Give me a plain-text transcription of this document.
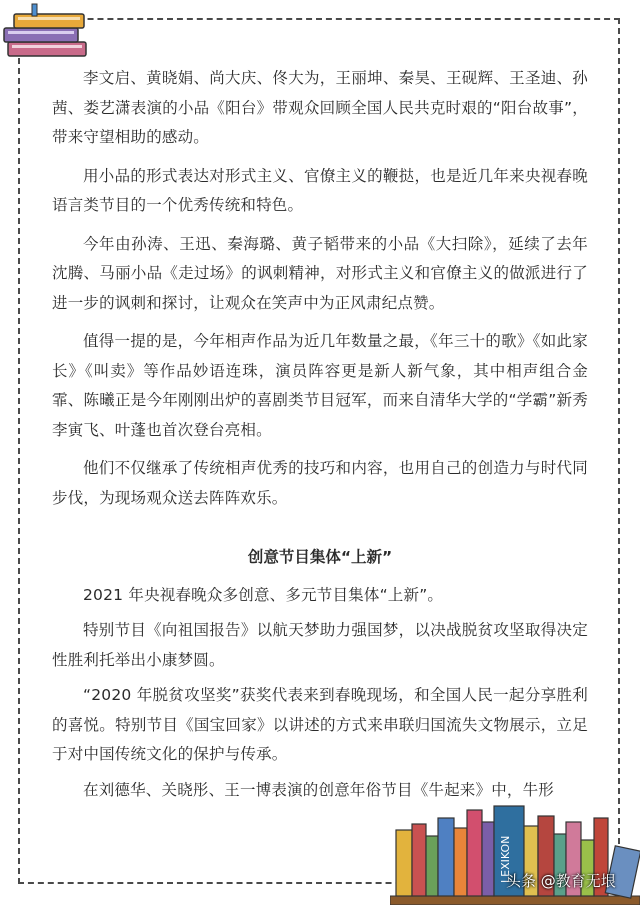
李文启、黄晓娟、尚大庆、佟大为，王丽坤、秦昊、王砚辉、王圣迪、孙茜、娄艺潇表演的小品《阳台》带观众回顾全国人民共克时艰的“阳台故事”，带来守望相助的感动。

用小品的形式表达对形式主义、官僚主义的鞭挞，也是近几年来央视春晚语言类节目的一个优秀传统和特色。

今年由孙涛、王迅、秦海璐、黄子韬带来的小品《大扫除》，延续了去年沈腾、马丽小品《走过场》的讽刺精神，对形式主义和官僚主义的做派进行了进一步的讽刺和探讨，让观众在笑声中为正风肃纪点赞。

值得一提的是，今年相声作品为近几年数量之最，《年三十的歌》《如此家长》《叫卖》等作品妙语连珠，演员阵容更是新人新气象，其中相声组合金霏、陈曦正是今年刚刚出炉的喜剧类节目冠军，而来自清华大学的“学霸”新秀李寅飞、叶蓬也首次登台亮相。

他们不仅继承了传统相声优秀的技巧和内容，也用自己的创造力与时代同步伐，为现场观众送去阵阵欢乐。

创意节目集体“上新”

2021 年央视春晚众多创意、多元节目集体“上新”。

特别节目《向祖国报告》以航天梦助力强国梦，以决战脱贫攻坚取得决定性胜利托举出小康梦圆。

“2020 年脱贫攻坚奖”获奖代表来到春晚现场，和全国人民一起分享胜利的喜悦。特别节目《国宝回家》以讲述的方式来串联归国流失文物展示，立足于对中国传统文化的保护与传承。

在刘德华、关晓彤、王一博表演的创意年俗节目《牛起来》中，牛形

LEXIKON
头条 @教育无垠
